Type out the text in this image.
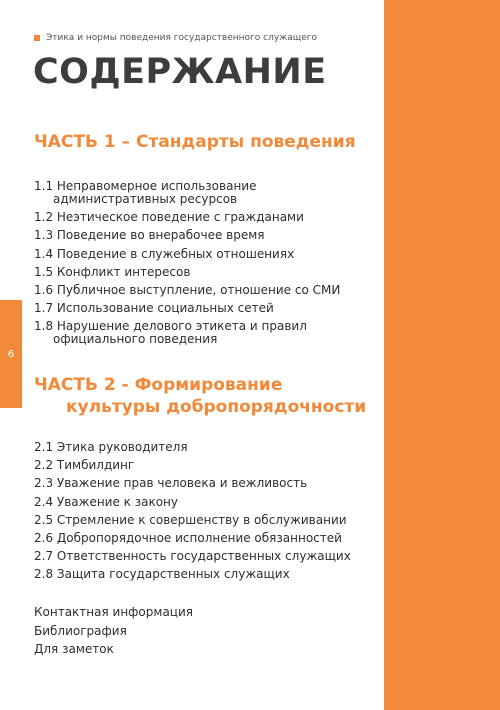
6
Этика и нормы поведения государственного служащего
СОДЕРЖАНИЕ
ЧАСТЬ 1 – Стандарты поведения
1.1 Неправомерное использование
административных ресурсов
1.2 Неэтическое поведение с гражданами
1.3 Поведение во внерабочее время
1.4 Поведение в служебных отношениях
1.5 Конфликт интересов
1.6 Публичное выступление, отношение со СМИ
1.7 Использование социальных сетей
1.8 Нарушение делового этикета и правил
официального поведения
ЧАСТЬ 2 - Формирование
культуры добропорядочности
2.1 Этика руководителя
2.2 Тимбилдинг
2.3 Уважение прав человека и вежливость
2.4 Уважение к закону
2.5 Стремление к совершенству в обслуживании
2.6 Добропорядочное исполнение обязанностей
2.7 Ответственность государственных служащих
2.8 Защита государственных служащих
Контактная информация
Библиография
Для заметок
